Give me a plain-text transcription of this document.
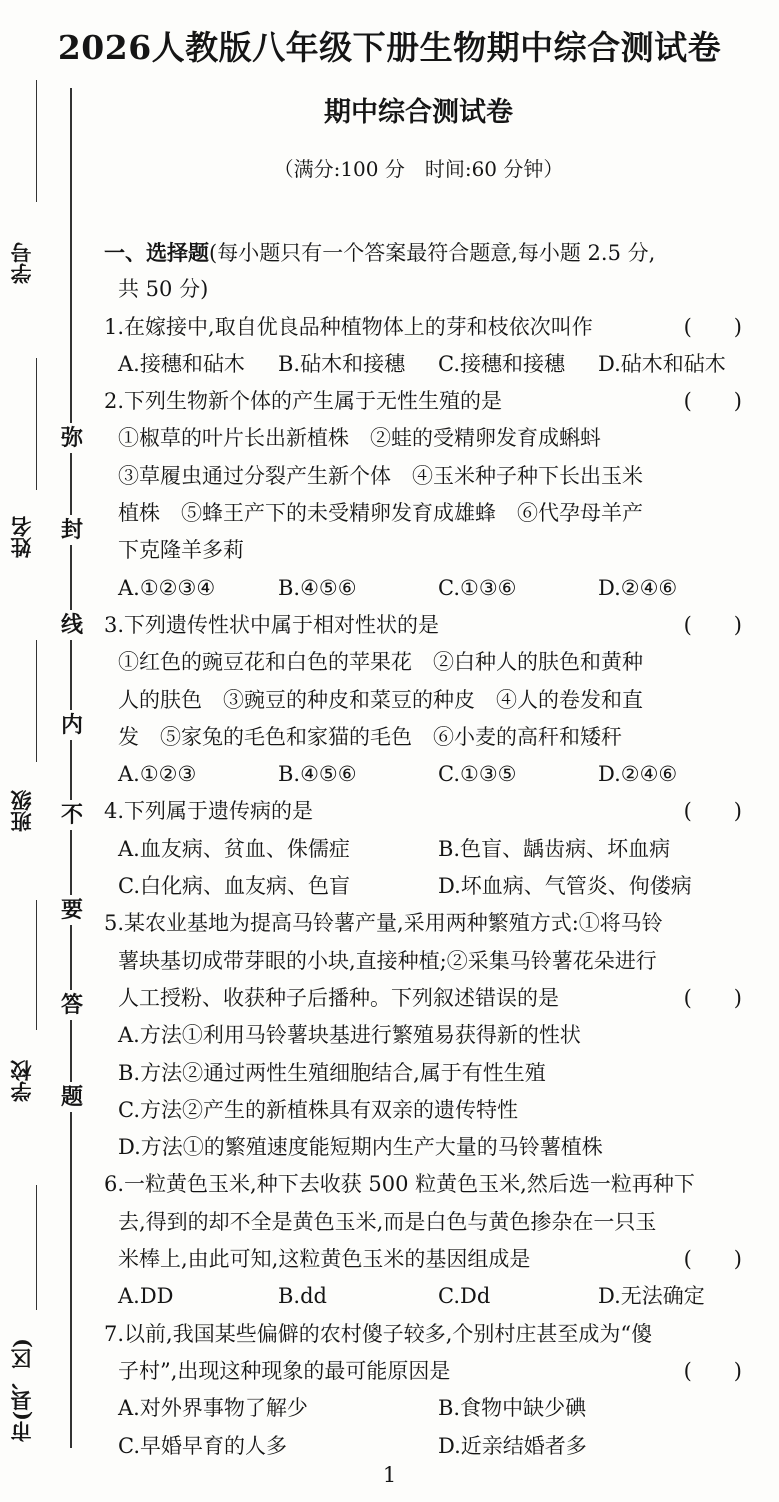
2026人教版八年级下册生物期中综合测试卷
期中综合测试卷
（满分:100 分　时间:60 分钟）
学号
姓名
班级
学校
市(县、区)
弥
封
线
内
不
要
答
题
一、选择题(每小题只有一个答案最符合题意,每小题 2.5 分,
共 50 分)
1.在嫁接中,取自优良品种植物体上的芽和枝依次叫作	(　　)
A.接穗和砧木	B.砧木和接穗	C.接穗和接穗	D.砧木和砧木
2.下列生物新个体的产生属于无性生殖的是	(　　)
①椒草的叶片长出新植株　②蛙的受精卵发育成蝌蚪
③草履虫通过分裂产生新个体　④玉米种子种下长出玉米
植株　⑤蜂王产下的未受精卵发育成雄蜂　⑥代孕母羊产
下克隆羊多莉
A.①②③④	B.④⑤⑥	C.①③⑥	D.②④⑥
3.下列遗传性状中属于相对性状的是	(　　)
①红色的豌豆花和白色的苹果花　②白种人的肤色和黄种
人的肤色　③豌豆的种皮和菜豆的种皮　④人的卷发和直
发　⑤家兔的毛色和家猫的毛色　⑥小麦的高秆和矮秆
A.①②③	B.④⑤⑥	C.①③⑤	D.②④⑥
4.下列属于遗传病的是	(　　)
A.血友病、贫血、侏儒症	B.色盲、龋齿病、坏血病
C.白化病、血友病、色盲	D.坏血病、气管炎、佝偻病
5.某农业基地为提高马铃薯产量,采用两种繁殖方式:①将马铃
薯块基切成带芽眼的小块,直接种植;②采集马铃薯花朵进行
人工授粉、收获种子后播种。下列叙述错误的是	(　　)
A.方法①利用马铃薯块基进行繁殖易获得新的性状
B.方法②通过两性生殖细胞结合,属于有性生殖
C.方法②产生的新植株具有双亲的遗传特性
D.方法①的繁殖速度能短期内生产大量的马铃薯植株
6.一粒黄色玉米,种下去收获 500 粒黄色玉米,然后选一粒再种下
去,得到的却不全是黄色玉米,而是白色与黄色掺杂在一只玉
米棒上,由此可知,这粒黄色玉米的基因组成是	(　　)
A.DD	B.dd	C.Dd	D.无法确定
7.以前,我国某些偏僻的农村傻子较多,个别村庄甚至成为“傻
子村”,出现这种现象的最可能原因是	(　　)
A.对外界事物了解少	B.食物中缺少碘
C.早婚早育的人多	D.近亲结婚者多
1
